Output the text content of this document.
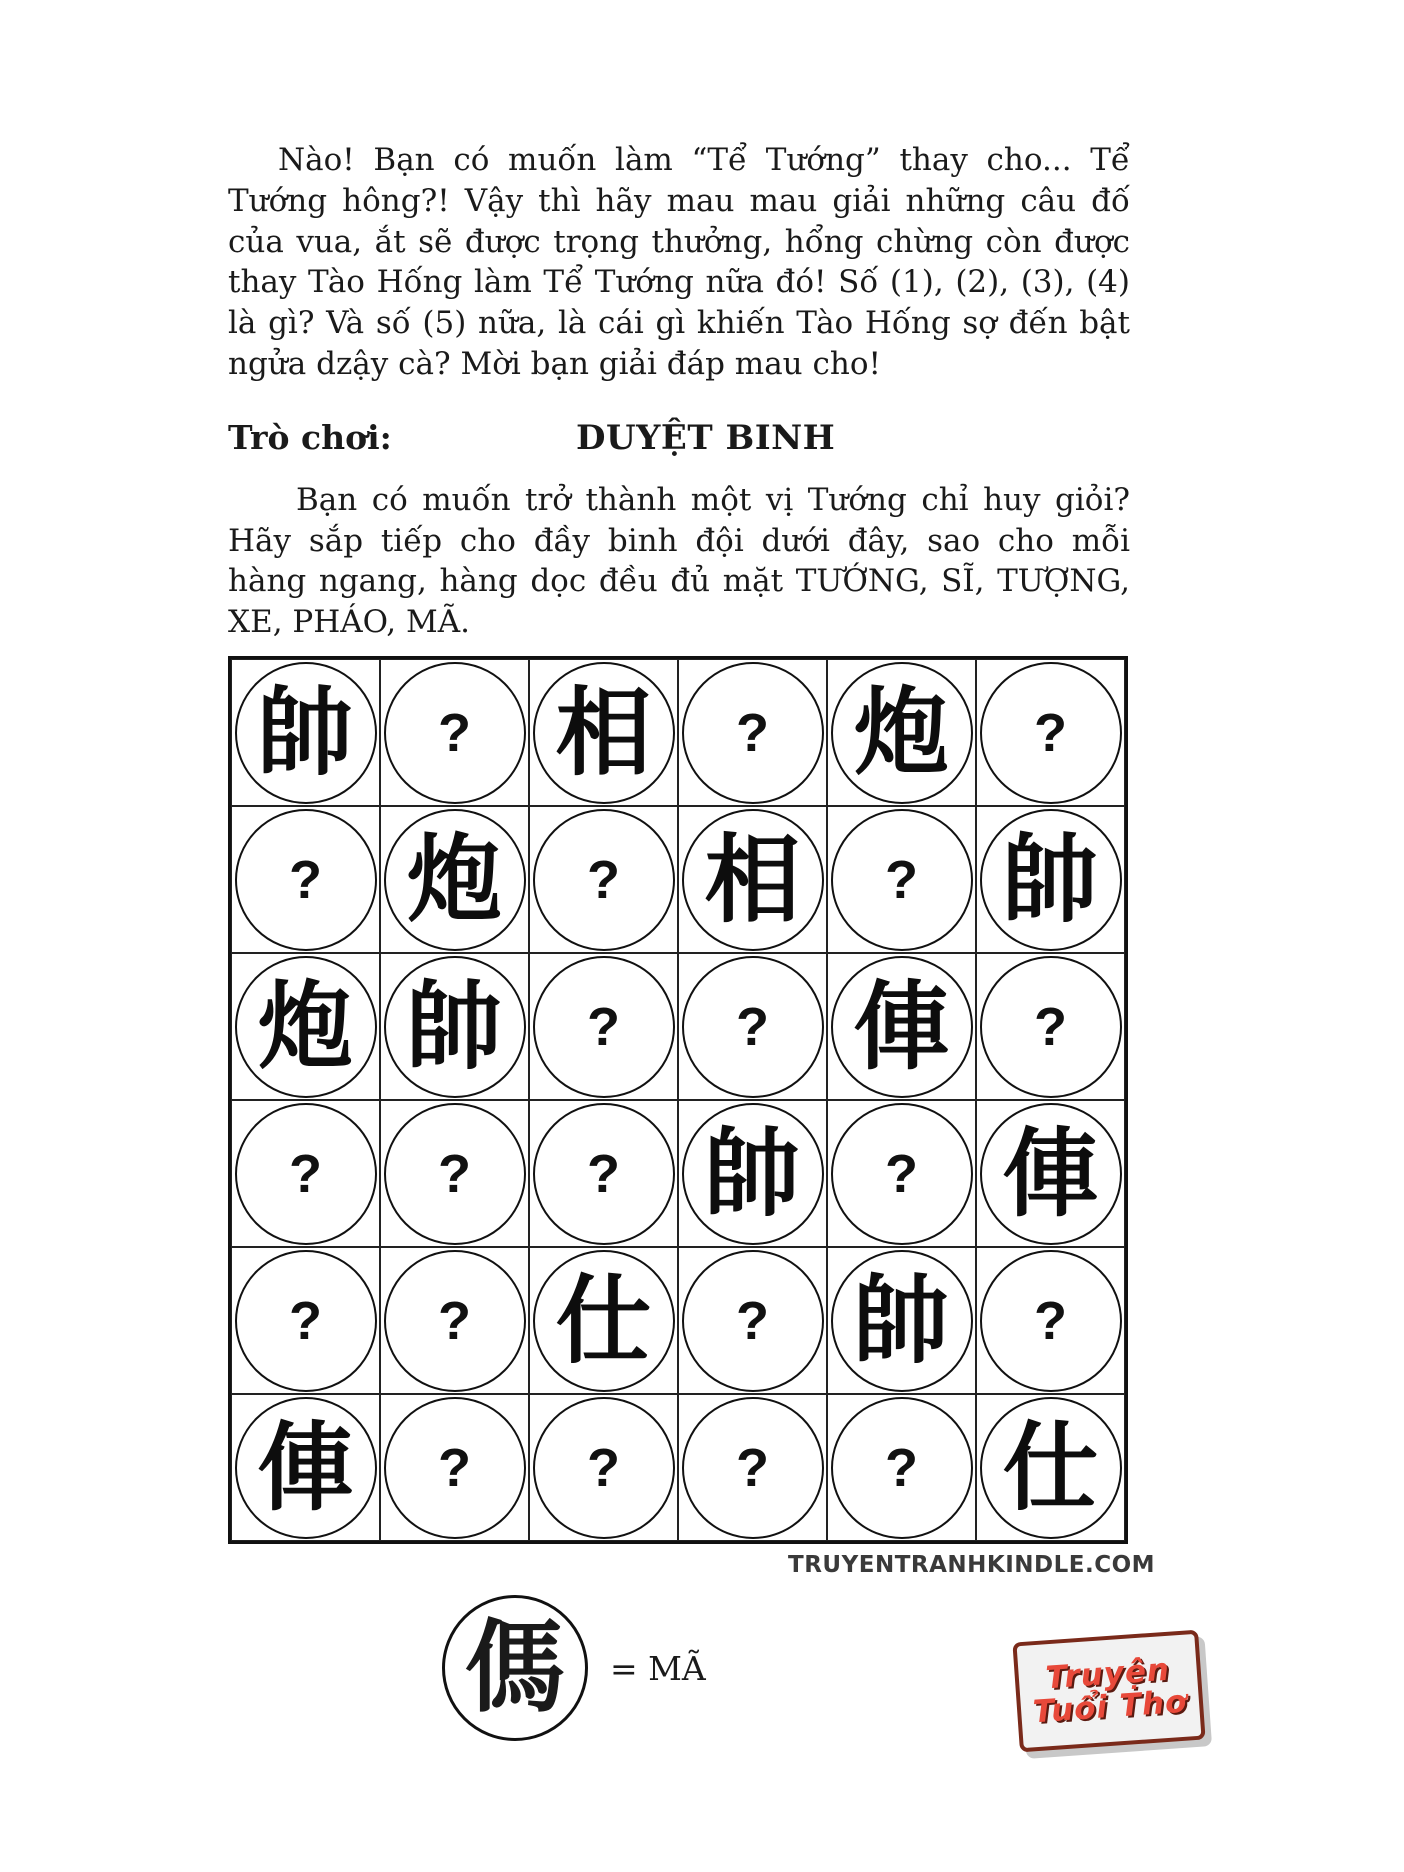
Nào! Bạn có muốn làm “Tể Tướng” thay cho... Tể Tướng hông?! Vậy thì hãy mau mau giải những câu đố của vua, ắt sẽ được trọng thưởng, hổng chừng còn được thay Tào Hống làm Tể Tướng nữa đó! Số (1), (2), (3), (4) là gì? Và số (5) nữa, là cái gì khiến Tào Hống sợ đến bật ngửa dzậy cà? Mời bạn giải đáp mau cho!

Trò chơi:	DUYỆT BINH

Bạn có muốn trở thành một vị Tướng chỉ huy giỏi? Hãy sắp tiếp cho đầy binh đội dưới đây, sao cho mỗi hàng ngang, hàng dọc đều đủ mặt TƯỚNG, SĨ, TƯỢNG, XE, PHÁO, MÃ.

帥 ? 相 ? 炮 ?
? 炮 ? 相 ? 帥
炮 帥 ? ? 俥 ?
? ? ? 帥 ? 俥
? ? 仕 ? 帥 ?
俥 ? ? ? ? 仕
TRUYENTRANHKINDLE.COM
傌 = MÃ	Truyện
Tuổi Thơ
